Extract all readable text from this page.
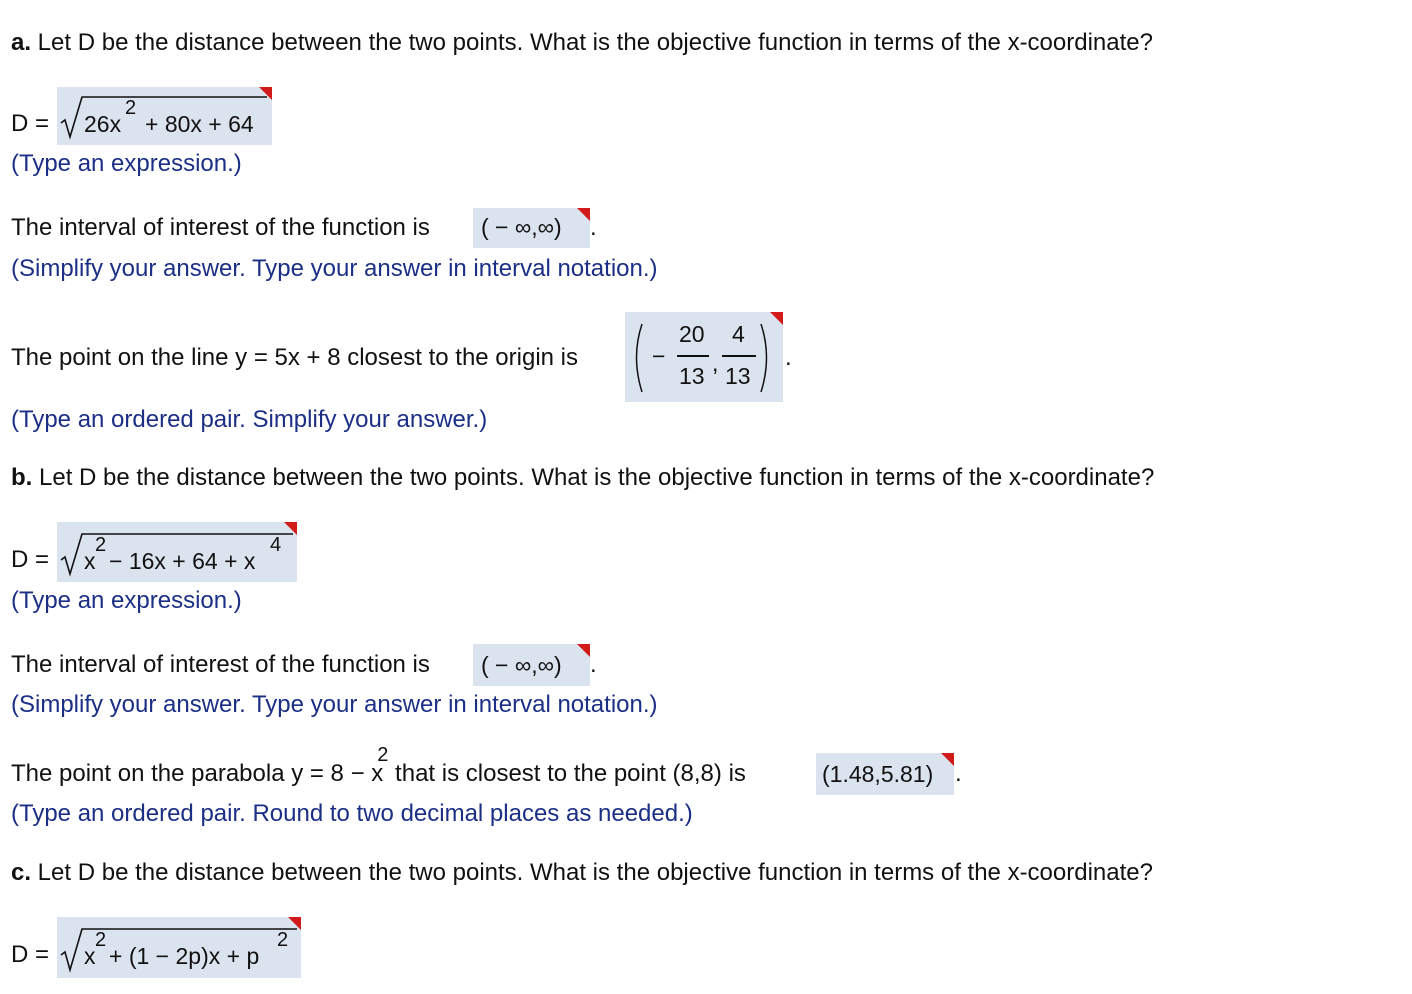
a. Let D be the distance between the two points. What is the objective function in terms of the x-coordinate?
D = 26x
2
+ 80x + 64
(Type an expression.)
The interval of interest of the function is ( − ∞,∞) .
(Simplify your answer. Type your answer in interval notation.)
The point on the line y = 5x + 8 closest to the origin is	−
20
13 ,
4
13
.
(Type an ordered pair. Simplify your answer.)
b. Let D be the distance between the two points. What is the objective function in terms of the x-coordinate?
D = x
2
− 16x + 64 + x
4
(Type an expression.)
The interval of interest of the function is ( − ∞,∞) .
(Simplify your answer. Type your answer in interval notation.)
The point on the parabola $y = 8 - x^2$ that is closest to the point (8,8) is	(1.48,5.81) .
(Type an ordered pair. Round to two decimal places as needed.)
c. Let D be the distance between the two points. What is the objective function in terms of the x-coordinate?
D = x
2
+ (1 − 2p)x + p
2
